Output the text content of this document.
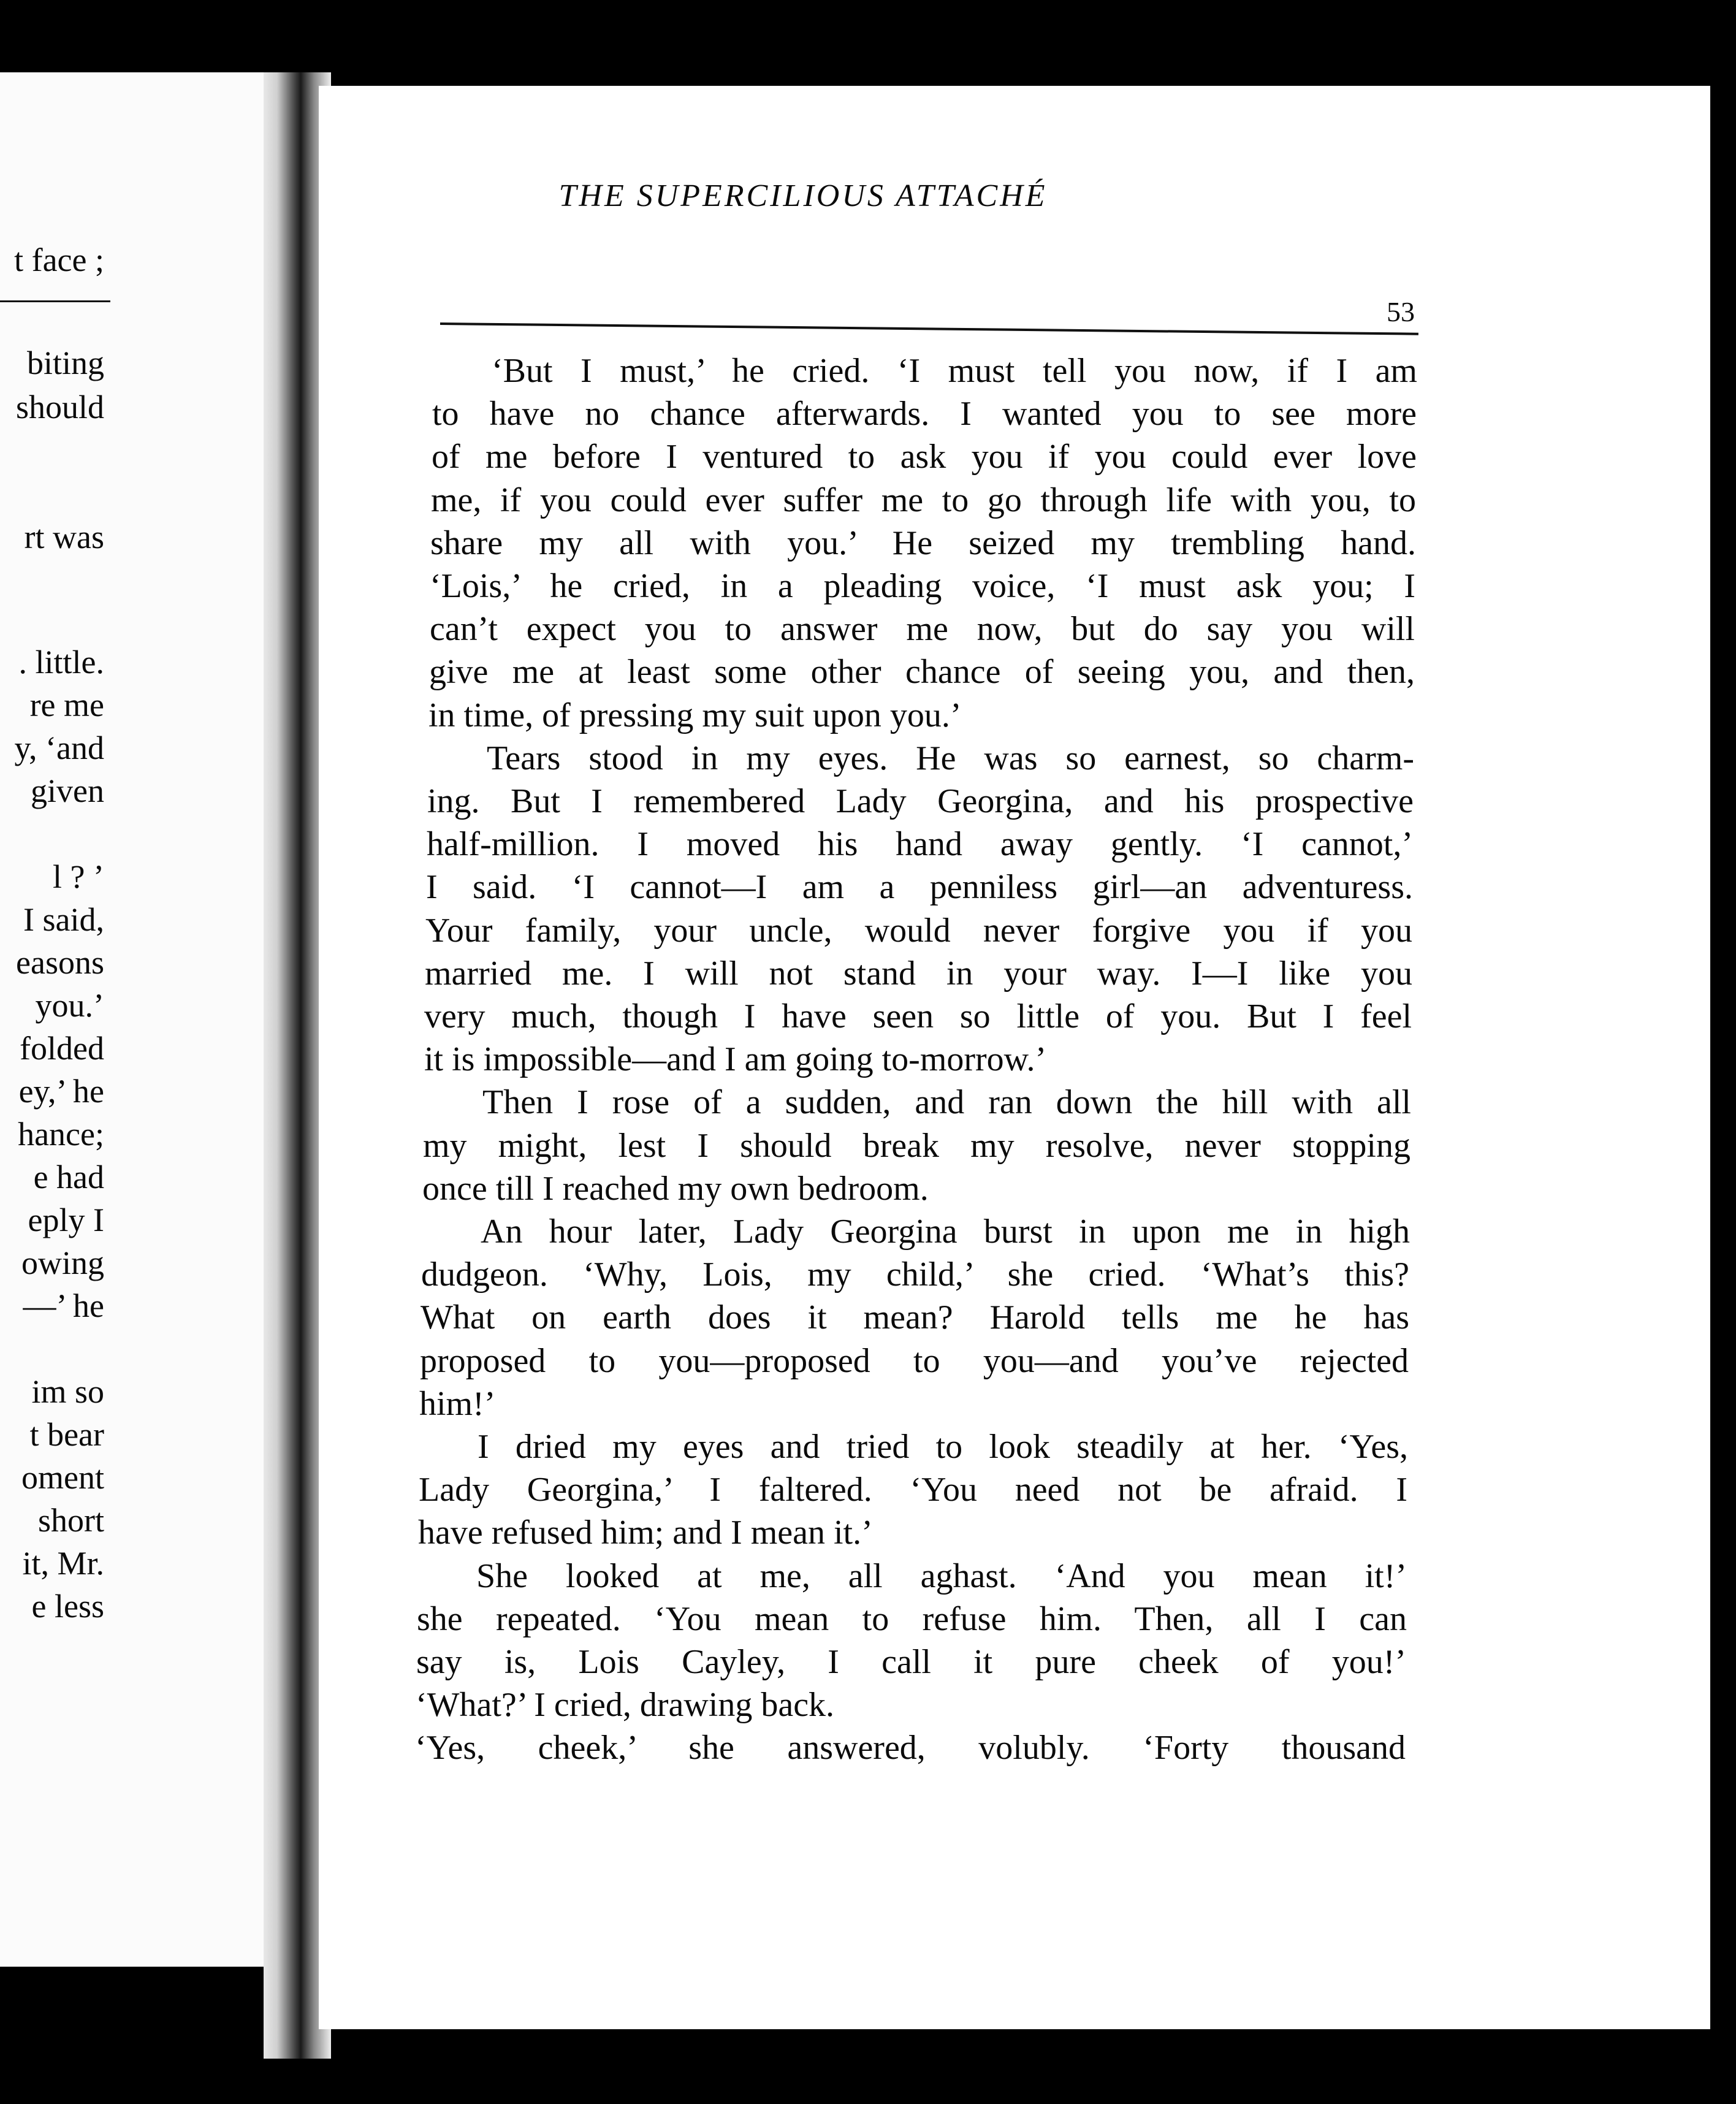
t face ;
biting
should
rt was
. little.
re me
y, ‘and
given
l ? ’
I said,
easons
you.’
folded
ey,’ he
hance;
e had
eply I
owing
—’ he
im so
t bear
oment
short
it, Mr.
e less
THE SUPERCILIOUS ATTACHÉ
53
‘But I must,’ he cried. ‘I must tell you now, if I am
to have no chance afterwards. I wanted you to see more
of me before I ventured to ask you if you could ever love
me, if you could ever suffer me to go through life with you, to
share my all with you.’ He seized my trembling hand.
‘Lois,’ he cried, in a pleading voice, ‘I must ask you; I
can’t expect you to answer me now, but do say you will
give me at least some other chance of seeing you, and then,
in time, of pressing my suit upon you.’
Tears stood in my eyes. He was so earnest, so charm-
ing. But I remembered Lady Georgina, and his prospective
half-million. I moved his hand away gently. ‘I cannot,’
I said. ‘I cannot—I am a penniless girl—an adventuress.
Your family, your uncle, would never forgive you if you
married me. I will not stand in your way. I—I like you
very much, though I have seen so little of you. But I feel
it is impossible—and I am going to-morrow.’
Then I rose of a sudden, and ran down the hill with all
my might, lest I should break my resolve, never stopping
once till I reached my own bedroom.
An hour later, Lady Georgina burst in upon me in high
dudgeon. ‘Why, Lois, my child,’ she cried. ‘What’s this?
What on earth does it mean? Harold tells me he has
proposed to you—proposed to you—and you’ve rejected
him!’
I dried my eyes and tried to look steadily at her. ‘Yes,
Lady Georgina,’ I faltered. ‘You need not be afraid. I
have refused him; and I mean it.’
She looked at me, all aghast. ‘And you mean it!’
she repeated. ‘You mean to refuse him. Then, all I can
say is, Lois Cayley, I call it pure cheek of you!’
‘What?’ I cried, drawing back.
‘Yes, cheek,’ she answered, volubly. ‘Forty thousand
